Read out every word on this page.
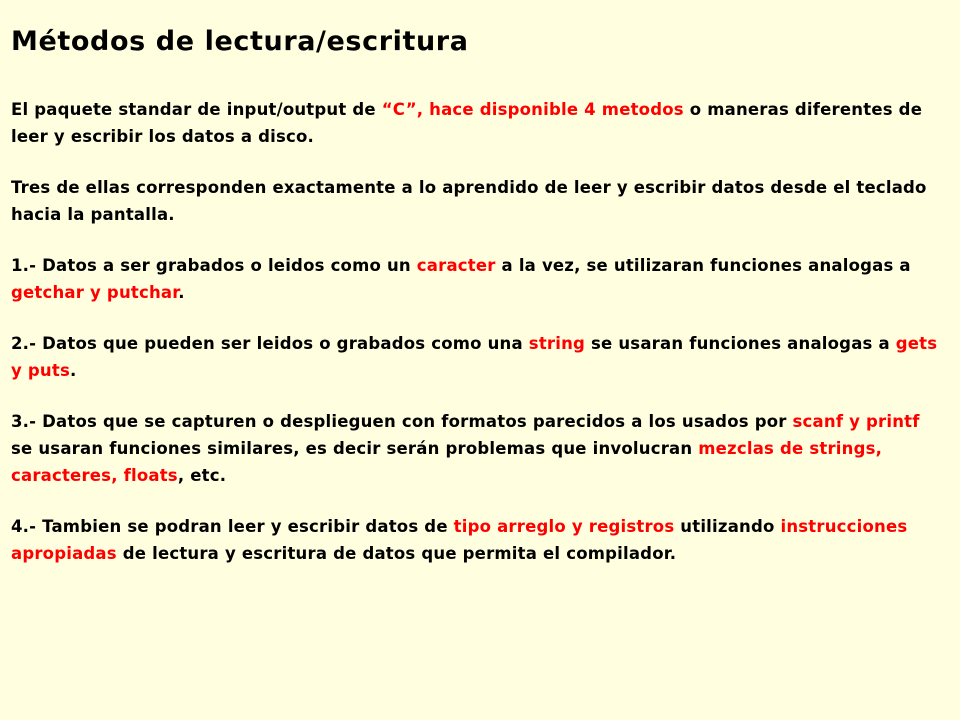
Métodos de lectura/escritura

El paquete standar de input/output de “C”, hace disponible 4 metodos o maneras diferentes de leer y escribir los datos a disco.

Tres de ellas corresponden exactamente a lo aprendido de leer y escribir datos desde el teclado hacia la pantalla.

1.- Datos a ser grabados o leidos como un caracter a la vez, se utilizaran funciones analogas a getchar y putchar.

2.- Datos que pueden ser leidos o grabados como una string se usaran funciones analogas a gets y puts.

3.- Datos que se capturen o desplieguen con formatos parecidos a los usados por scanf y printf se usaran funciones similares, es decir serán problemas que involucran mezclas de strings, caracteres, floats, etc.

4.- Tambien se podran leer y escribir datos de tipo arreglo y registros utilizando instrucciones apropiadas de lectura y escritura de datos que permita el compilador.
